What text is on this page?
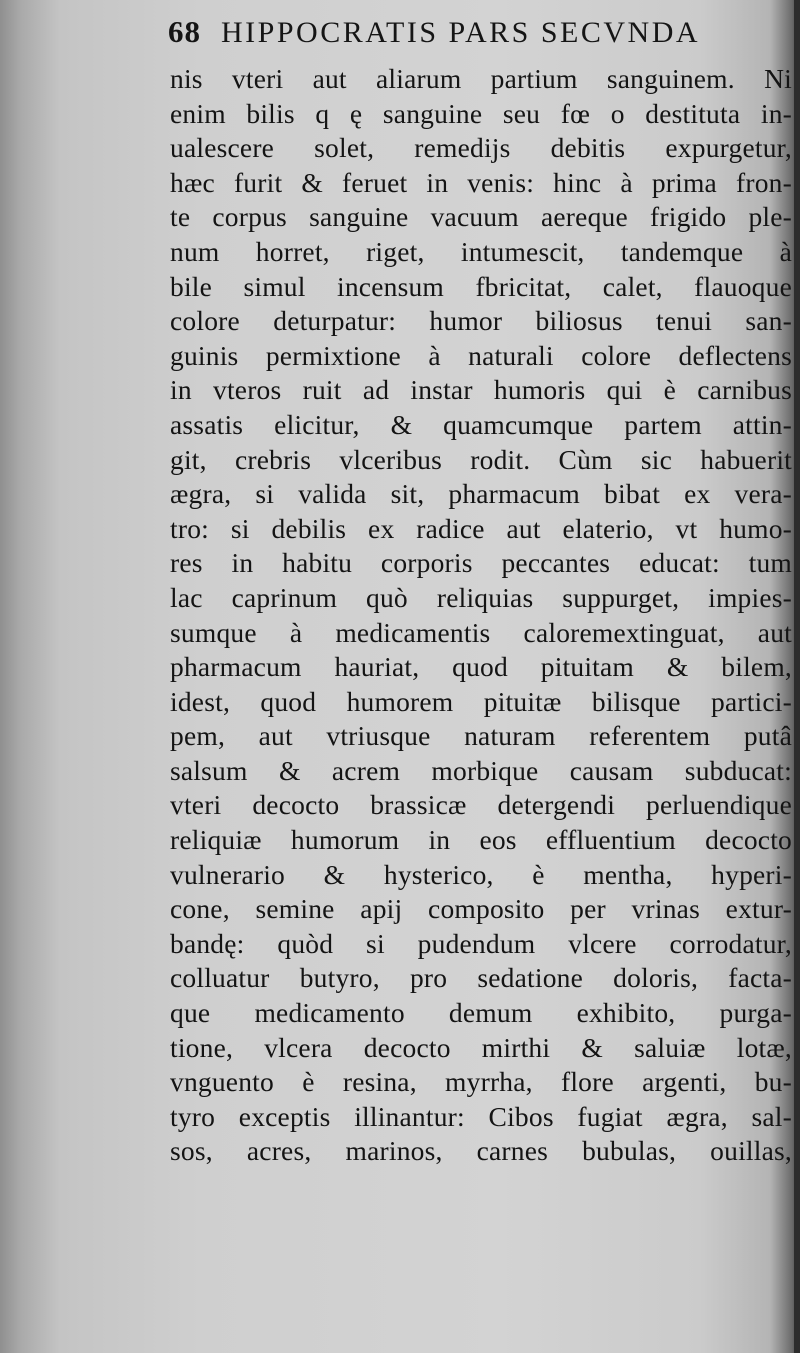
68 HIPPOCRATIS PARS SECVNDA
nis vteri aut aliarum partium sanguinem. Ni
enim bilis q ę sanguine seu fœ o destituta in-
ualescere solet, remedijs debitis expurgetur,
hæc furit & feruet in venis: hinc à prima fron-
te corpus sanguine vacuum aereque frigido ple-
num horret, riget, intumescit, tandemque à
bile simul incensum fbricitat, calet, flauoque
colore deturpatur: humor biliosus tenui san-
guinis permixtione à naturali colore deflectens
in vteros ruit ad instar humoris qui è carnibus
assatis elicitur, & quamcumque partem attin-
git, crebris vlceribus rodit. Cùm sic habuerit
ægra, si valida sit, pharmacum bibat ex vera-
tro: si debilis ex radice aut elaterio, vt humo-
res in habitu corporis peccantes educat: tum
lac caprinum quò reliquias suppurget, impies-
sumque à medicamentis caloremextinguat, aut
pharmacum hauriat, quod pituitam & bilem,
idest, quod humorem pituitæ bilisque partici-
pem, aut vtriusque naturam referentem putâ
salsum & acrem morbique causam subducat:
vteri decocto brassicæ detergendi perluendique
reliquiæ humorum in eos effluentium decocto
vulnerario & hysterico, è mentha, hyperi-
cone, semine apij composito per vrinas extur-
bandę: quòd si pudendum vlcere corrodatur,
colluatur butyro, pro sedatione doloris, facta-
que medicamento demum exhibito, purga-
tione, vlcera decocto mirthi & saluiæ lotæ,
vnguento è resina, myrrha, flore argenti, bu-
tyro exceptis illinantur: Cibos fugiat ægra, sal-
sos, acres, marinos, carnes bubulas, ouillas,
